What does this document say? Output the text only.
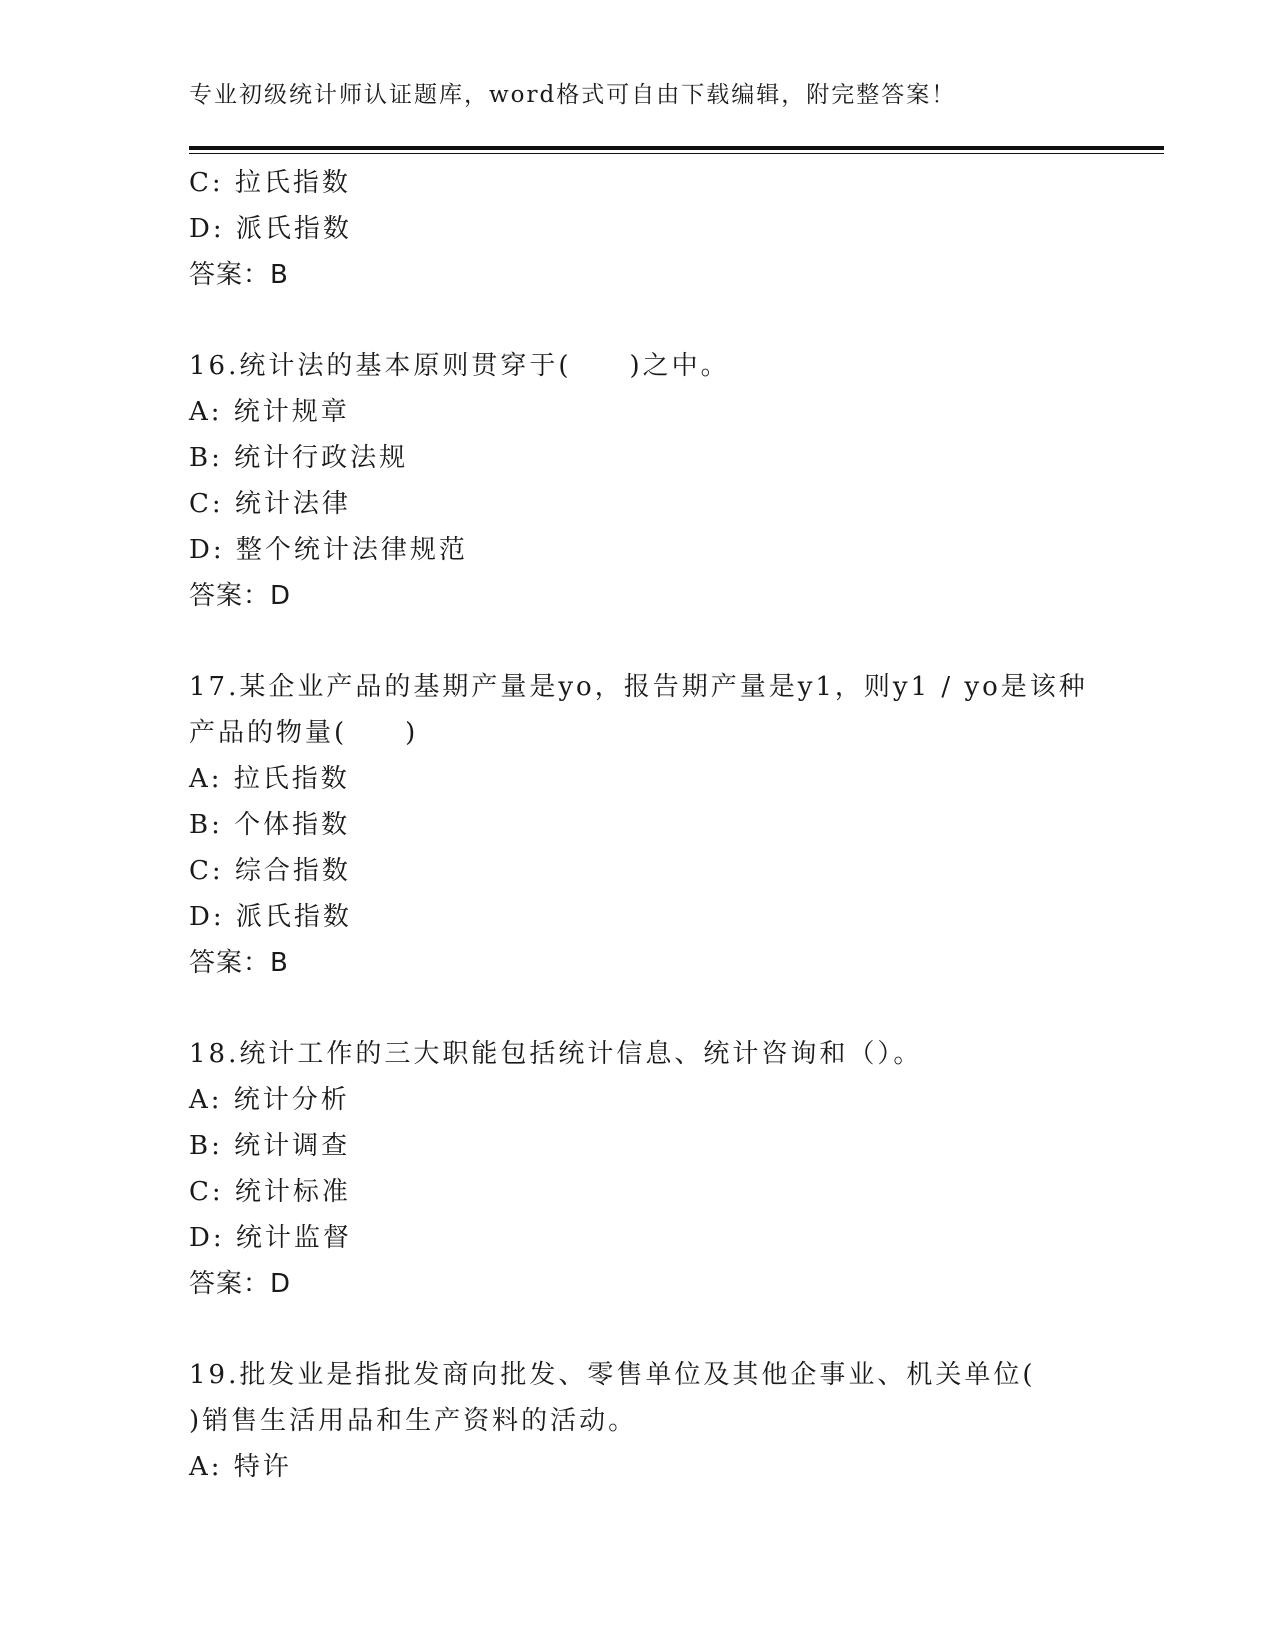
专业初级统计师认证题库，word格式可自由下载编辑，附完整答案！
C: 拉氏指数
D: 派氏指数
答案：B
16.统计法的基本原则贯穿于(　　)之中。
A: 统计规章
B: 统计行政法规
C: 统计法律
D: 整个统计法律规范
答案：D
17.某企业产品的基期产量是yo，报告期产量是y1，则y1 / yo是该种
产品的物量(　　)
A: 拉氏指数
B: 个体指数
C: 综合指数
D: 派氏指数
答案：B
18.统计工作的三大职能包括统计信息、统计咨询和（）。
A: 统计分析
B: 统计调查
C: 统计标准
D: 统计监督
答案：D
19.批发业是指批发商向批发、零售单位及其他企事业、机关单位(
)销售生活用品和生产资料的活动。
A: 特许
